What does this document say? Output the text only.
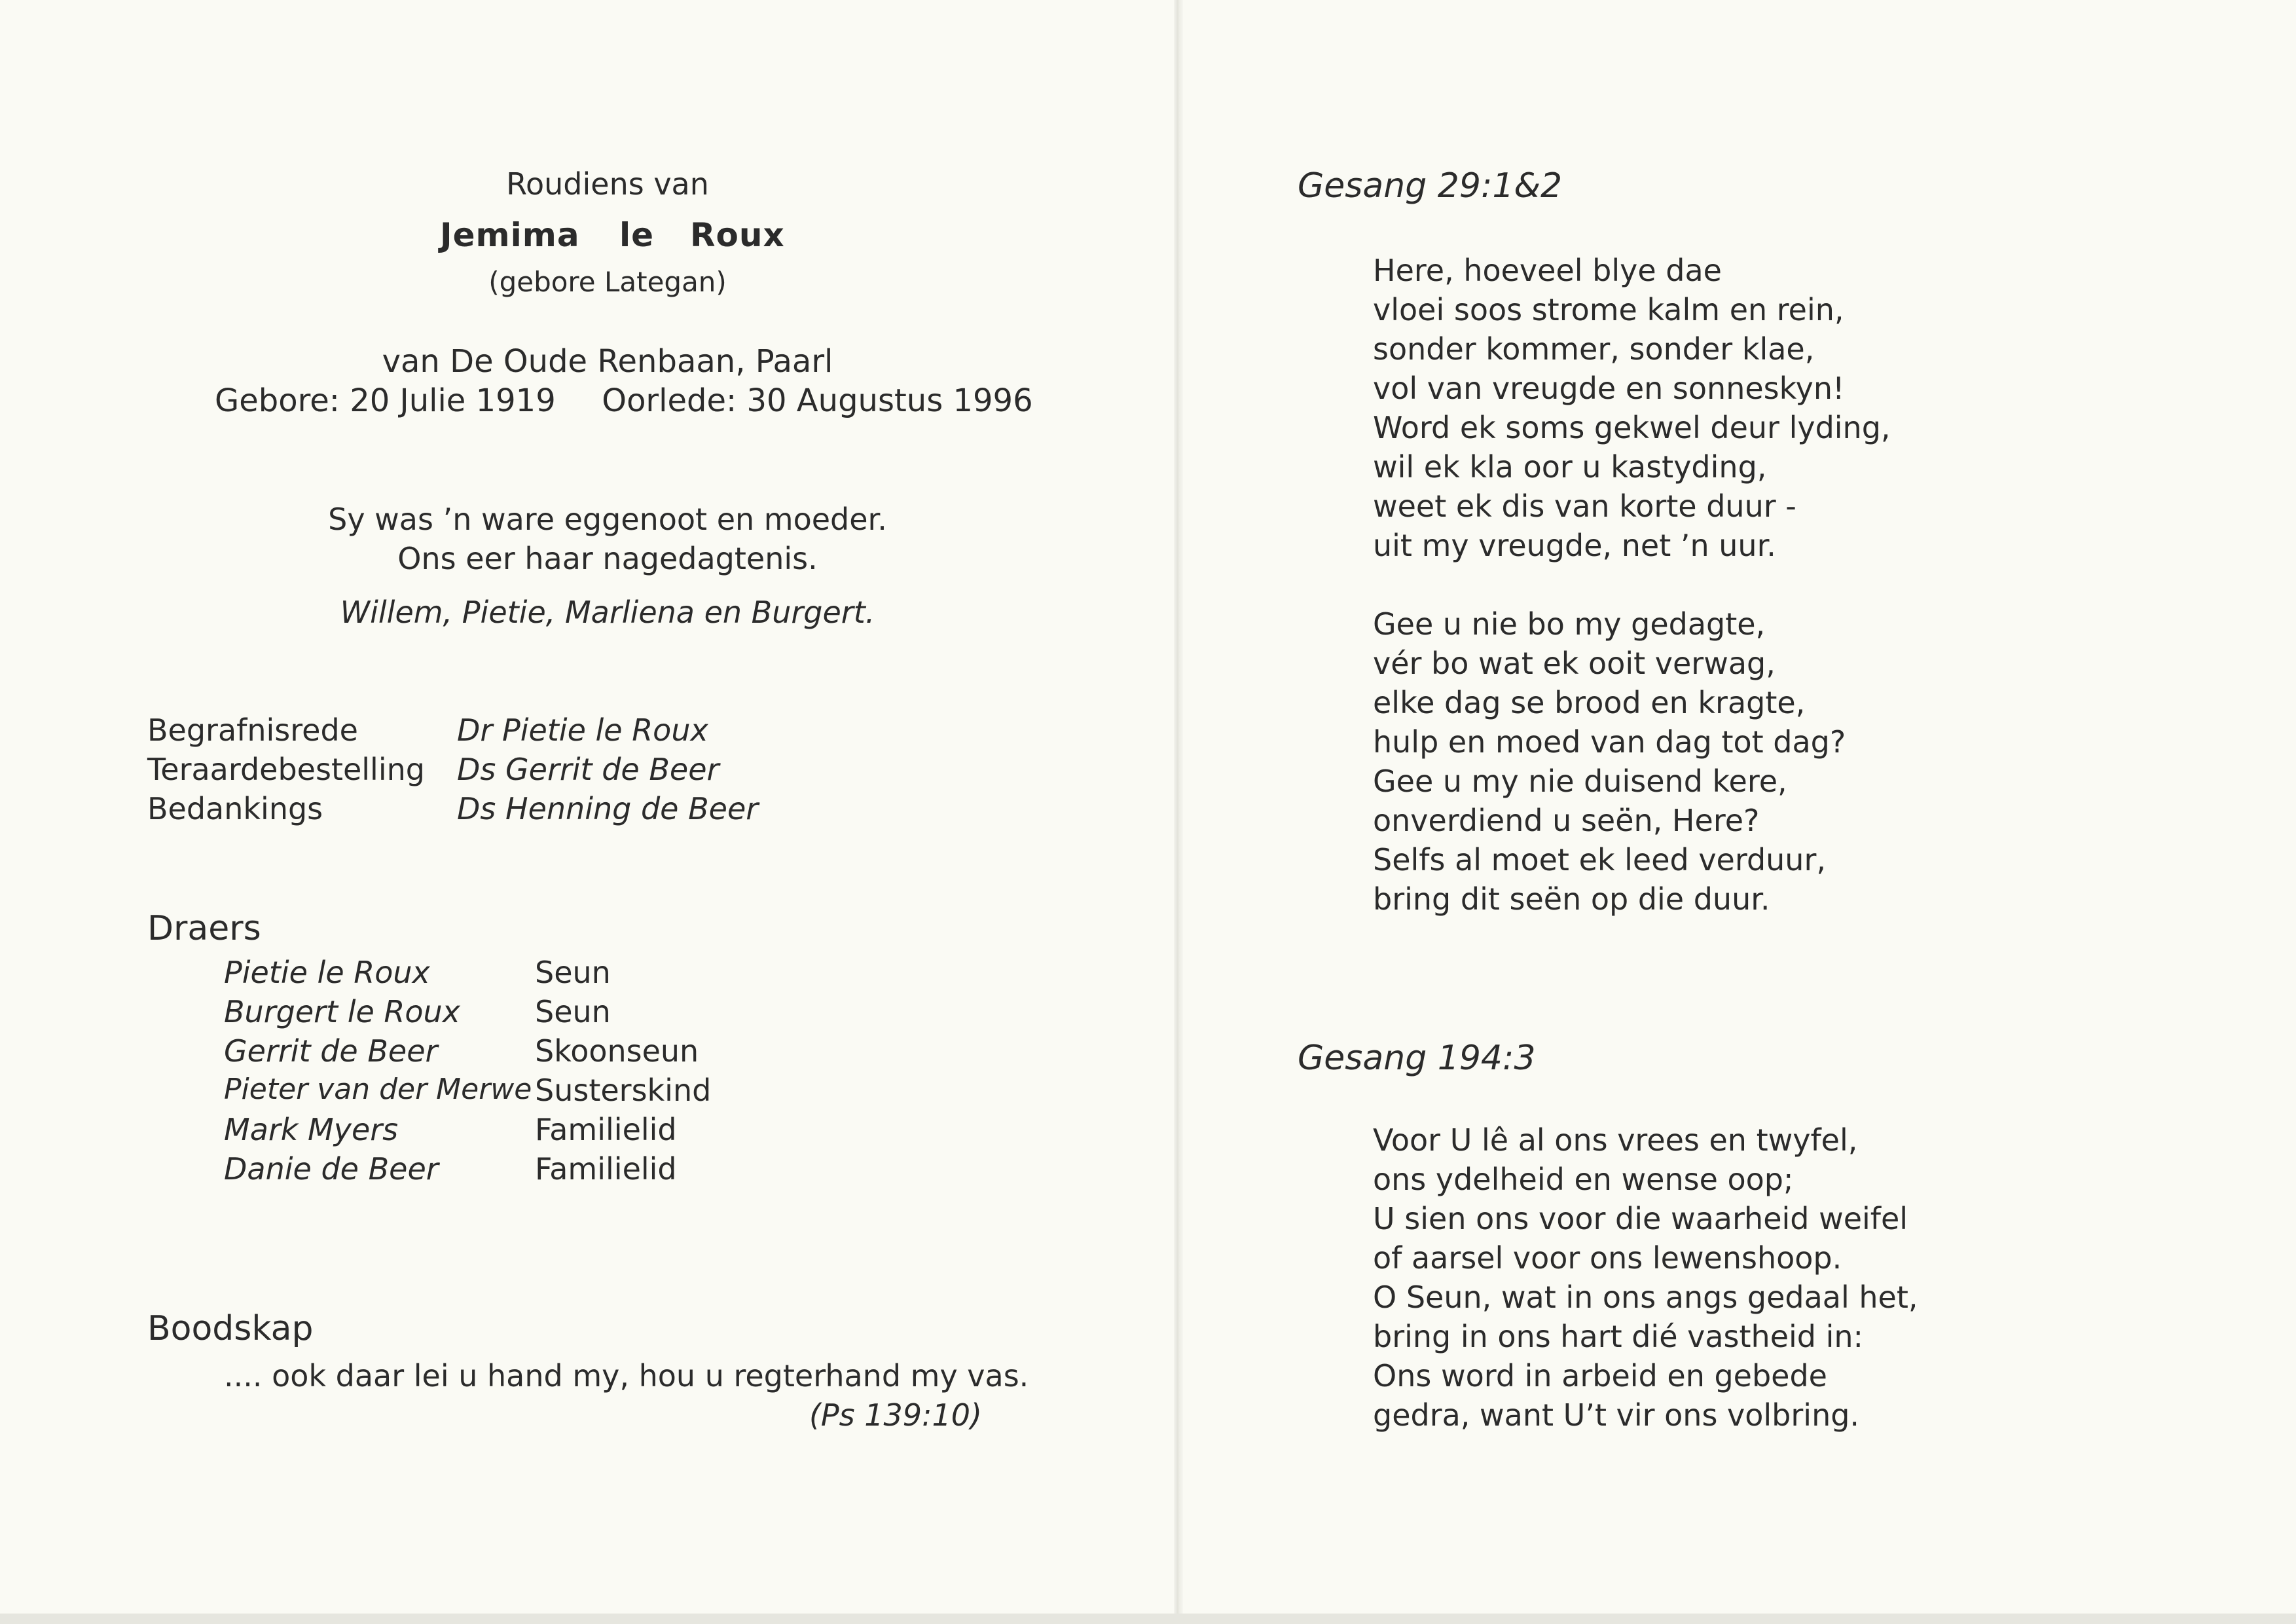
Roudiens van
Jemima le Roux
(gebore Lategan)
van De Oude Renbaan, Paarl
Gebore: 20 Julie 1919 Oorlede: 30 Augustus 1996
Sy was ’n ware eggenoot en moeder.
Ons eer haar nagedagtenis.
Willem, Pietie, Marliena en Burgert.
Begrafnisrede	Dr Pietie le Roux
Teraardebestelling Ds Gerrit de Beer
Bedankings	Ds Henning de Beer
Draers
Pietie le Roux	Seun
Burgert le Roux Seun
Gerrit de Beer	Skoonseun
Pieter van der Merwe Susterskind
Mark Myers	Familielid
Danie de Beer	Familielid
Boodskap
.... ook daar lei u hand my, hou u regterhand my vas.
(Ps 139:10)
Gesang 29:1&2
Here, hoeveel blye dae
vloei soos strome kalm en rein,
sonder kommer, sonder klae,
vol van vreugde en sonneskyn!
Word ek soms gekwel deur lyding,
wil ek kla oor u kastyding,
weet ek dis van korte duur -
uit my vreugde, net ’n uur.
Gee u nie bo my gedagte,
vér bo wat ek ooit verwag,
elke dag se brood en kragte,
hulp en moed van dag tot dag?
Gee u my nie duisend kere,
onverdiend u seën, Here?
Selfs al moet ek leed verduur,
bring dit seën op die duur.
Gesang 194:3
Voor U lê al ons vrees en twyfel,
ons ydelheid en wense oop;
U sien ons voor die waarheid weifel
of aarsel voor ons lewenshoop.
O Seun, wat in ons angs gedaal het,
bring in ons hart dié vastheid in:
Ons word in arbeid en gebede
gedra, want U’t vir ons volbring.
